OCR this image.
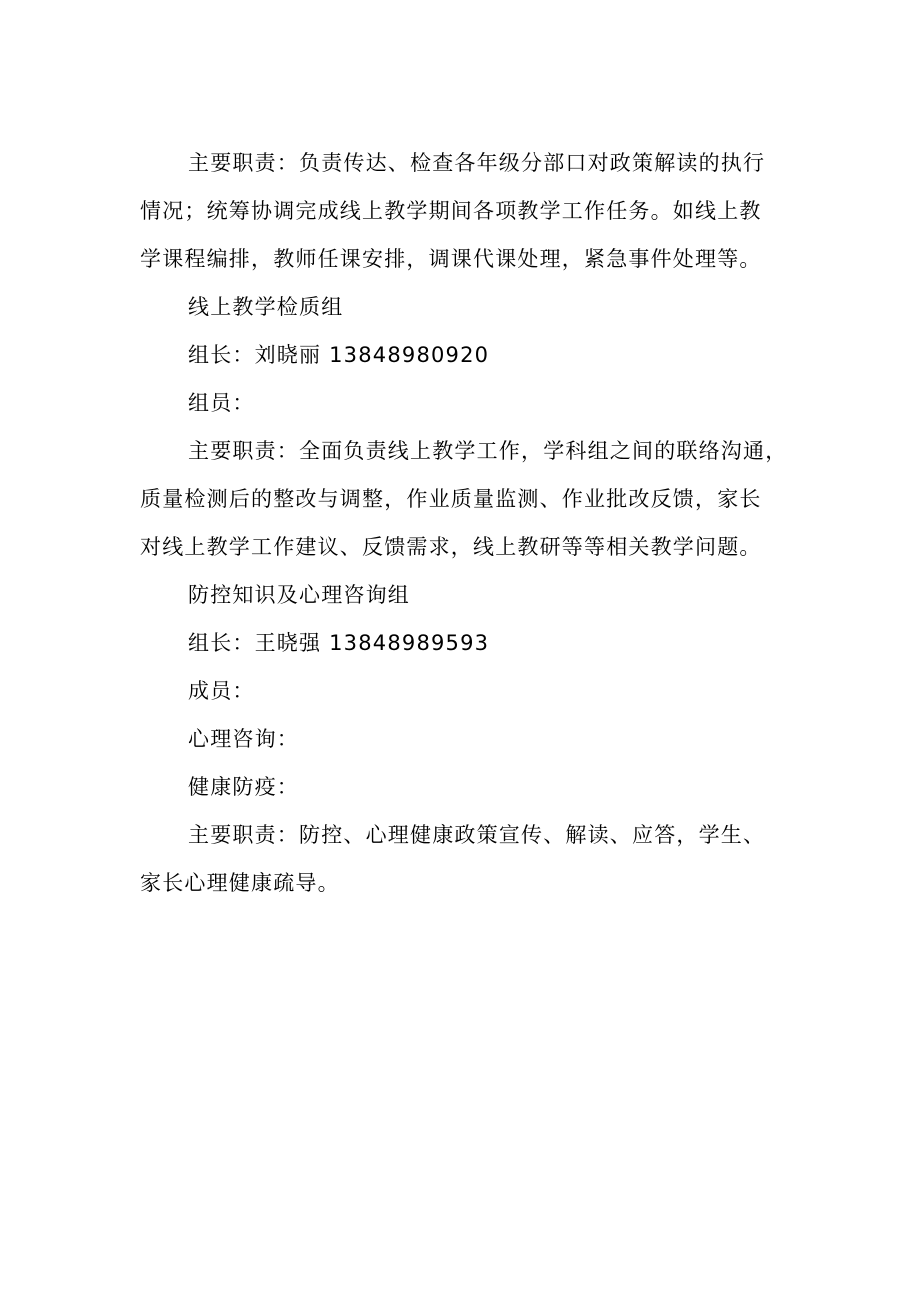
主要职责：负责传达、检查各年级分部口对政策解读的执行
情况；统筹协调完成线上教学期间各项教学工作任务。如线上教
学课程编排，教师任课安排，调课代课处理，紧急事件处理等。
线上教学检质组
组长：刘晓丽 13848980920
组员：
主要职责：全面负责线上教学工作，学科组之间的联络沟通，
质量检测后的整改与调整，作业质量监测、作业批改反馈，家长
对线上教学工作建议、反馈需求，线上教研等等相关教学问题。
防控知识及心理咨询组
组长：王晓强 13848989593
成员：
心理咨询：
健康防疫：
主要职责：防控、心理健康政策宣传、解读、应答，学生、
家长心理健康疏导。
